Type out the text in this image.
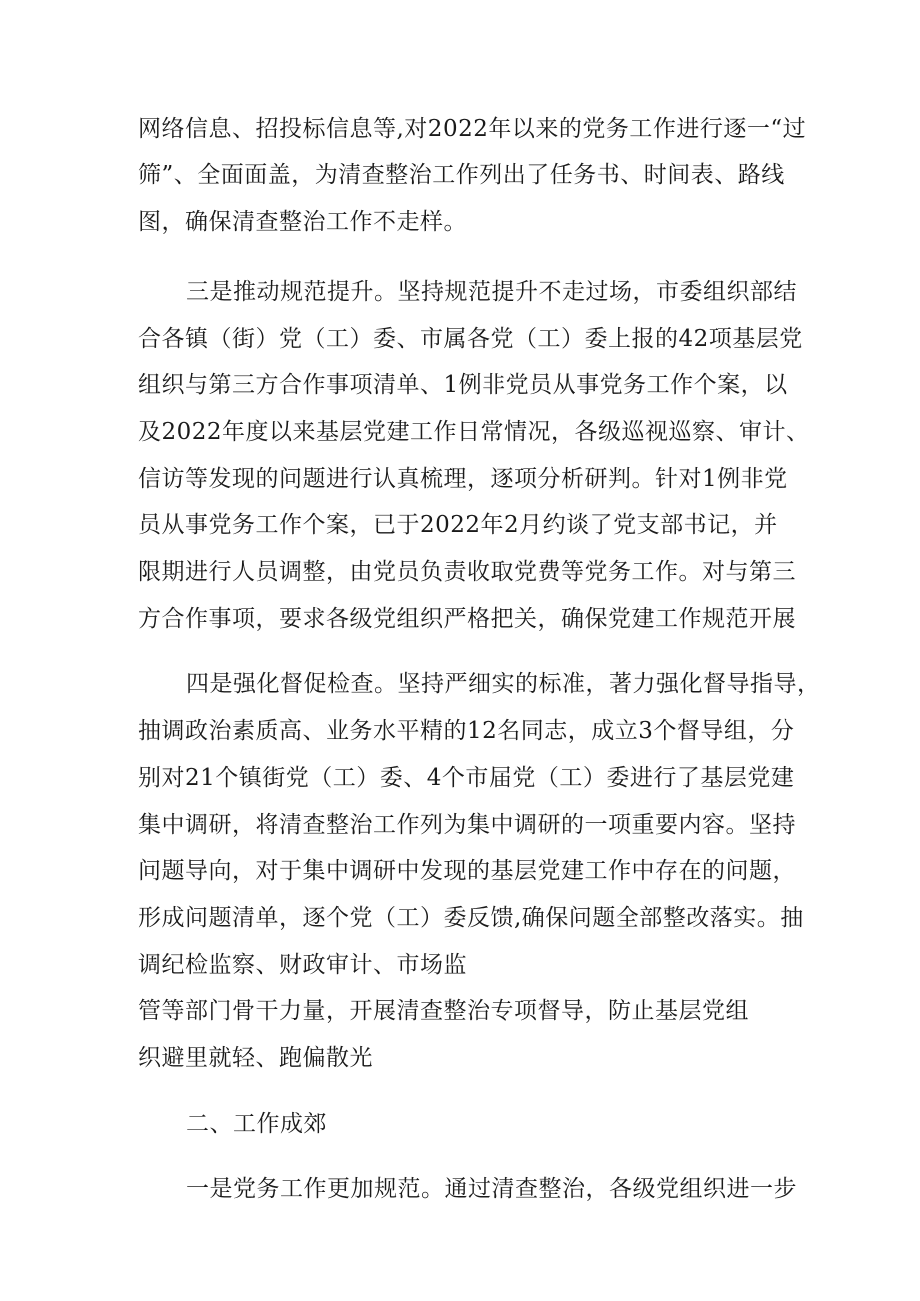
网络信息、招投标信息等,对2022年以来的党务工作进行逐一“过
筛”、全面面盖，为清查整治工作列出了任务书、时间表、路线
图，确保清查整治工作不走样。
三是推动规范提升。坚持规范提升不走过场，市委组织部结
合各镇（街）党（工）委、市属各党（工）委上报的42项基层党
组织与第三方合作事项清单、1例非党员从事党务工作个案，以
及2022年度以来基层党建工作日常情况，各级巡视巡察、审计、
信访等发现的问题进行认真梳理，逐项分析研判。针对1例非党
员从事党务工作个案，已于2022年2月约谈了党支部书记，并
限期进行人员调整，由党员负责收取党费等党务工作。对与第三
方合作事项，要求各级党组织严格把关，确保党建工作规范开展
四是强化督促检查。坚持严细实的标准，著力强化督导指导，
抽调政治素质高、业务水平精的12名同志，成立3个督导组，分
别对21个镇街党（工）委、4个市届党（工）委进行了基层党建
集中调研，将清查整治工作列为集中调研的一项重要内容。坚持
问题导向，对于集中调研中发现的基层党建工作中存在的问题，
形成问题清单，逐个党（工）委反馈,确保问题全部整改落实。抽
调纪检监察、财政审计、市场监
管等部门骨干力量，开展清查整治专项督导，防止基层党组
织避里就轻、跑偏散光
二、工作成郊
一是党务工作更加规范。通过清查整治，各级党组织进一步
